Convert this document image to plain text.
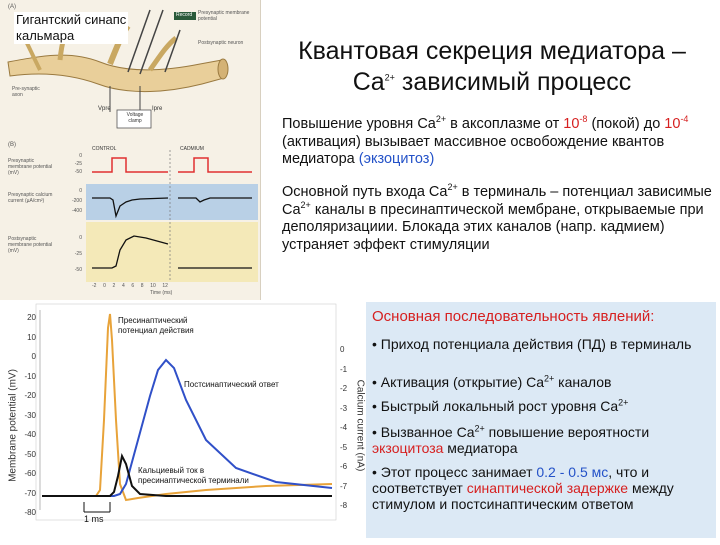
Гигантский синапс
кальмара
(A)
(B)
Record Presynaptic membrane potential
Postsynaptic neuron
Pre-synaptic axon
Vpre	Ipre
Voltage clamp
CONTROL	CADMIUM
Presynaptic membrane potential (mV)
Presynaptic calcium current (µA/cm²)
Postsynaptic membrane potential (mV)
0
-25
-50
0
-200
-400
0
-25
-50
-2 0 2 4 6 8 10 12
Time (ms)
Квантовая секреция медиатора –
$Ca^{2+}$ зависимый процесс
Повышение уровня $Ca^{2+}$ в аксоплазме от $10^{-8}$ (покой) до $10^{-4}$ (активация) вызывает массивное освобождение квантов медиатора (экзоцитоз)
Основной путь входа $Ca^{2+}$ в терминаль – потенциал зависимые $Ca^{2+}$ каналы в пресинаптической мембране, открываемые при деполяризациии. Блокада этих каналов (напр. кадмием) устраняет эффект стимуляции
Membrane potential (mV)
20
10
0
-10
-20
-30
-40
-50
-60
-70
-80
0
-1
-2
-3
-4
-5
-6
-7
-8
Calcium current (nA)
Пресинаптический
потенциал действия
Постсинаптический ответ
Кальциевый ток в
пресинаптической терминали
1 ms
Основная последовательность явлений:
• Приход потенциала действия (ПД) в терминаль
• Активация (открытие) $Ca^{2+}$ каналов
• Быстрый локальный рост уровня $Ca^{2+}$
• Вызванное $Ca^{2+}$ повышение вероятности экзоцитоза медиатора
• Этот процесс занимает 0.2 - 0.5 мс, что и соответствует синаптической задержке между стимулом и постсинаптическим ответом
